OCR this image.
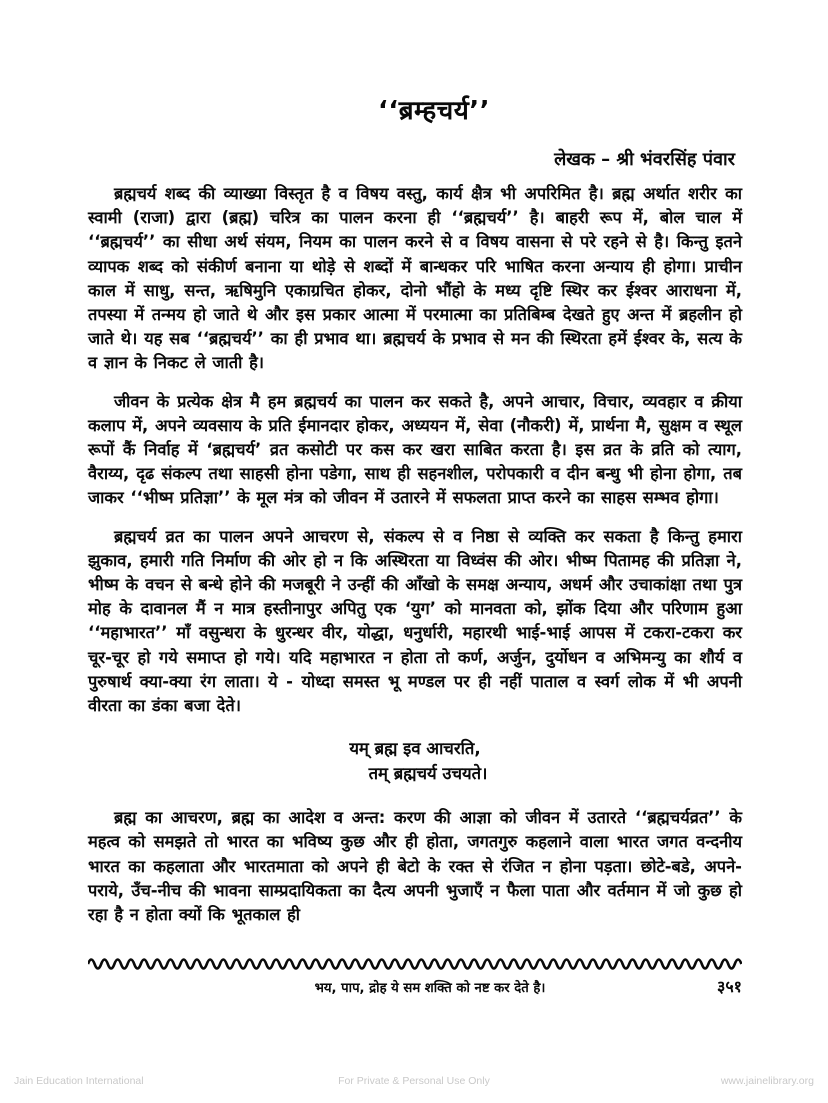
‘‘ब्रम्हचर्य’’
लेखक – श्री भंवरसिंह पंवार

ब्रह्मचर्य शब्द की व्याख्या विस्तृत है व विषय वस्तु, कार्य क्षैत्र भी अपरिमित है। ब्रह्म अर्थात शरीर का स्वामी (राजा) द्वारा (ब्रह्म) चरित्र का पालन करना ही ‘‘ब्रह्मचर्य’’ है। बाहरी रूप में, बोल चाल में ‘‘ब्रह्मचर्य’’ का सीधा अर्थ संयम, नियम का पालन करने से व विषय वासना से परे रहने से है। किन्तु इतने व्यापक शब्द को संकीर्ण बनाना या थोड़े से शब्दों में बान्धकर परि भाषित करना अन्याय ही होगा। प्राचीन काल में साधु, सन्त, ऋषिमुनि एकाग्रचित होकर, दोनो भौंहो के मध्य दृष्टि स्थिर कर ईश्वर आराधना में, तपस्या में तन्मय हो जाते थे और इस प्रकार आत्मा में परमात्मा का प्रतिबिम्ब देखते हुए अन्त में ब्रहलीन हो जाते थे। यह सब ‘‘ब्रह्मचर्य’’ का ही प्रभाव था। ब्रह्मचर्य के प्रभाव से मन की स्थिरता हमें ईश्वर के, सत्य के व ज्ञान के निकट ले जाती है।

जीवन के प्रत्येक क्षेत्र मै हम ब्रह्मचर्य का पालन कर सकते है, अपने आचार, विचार, व्यवहार व क्रीया कलाप में, अपने व्यवसाय के प्रति ईमानदार होकर, अध्ययन में, सेवा (नौकरी) में, प्रार्थना मै, सुक्षम व स्थूल रूपों कैं निर्वाह में ‘ब्रह्मचर्य’ व्रत कसोटी पर कस कर खरा साबित करता है। इस व्रत के व्रति को त्याग, वैराय्य, दृढ संकल्प तथा साहसी होना पडेगा, साथ ही सहनशील, परोपकारी व दीन बन्धु भी होना होगा, तब जाकर ‘‘भीष्म प्रतिज्ञा’’ के मूल मंत्र को जीवन में उतारने में सफलता प्राप्त करने का साहस सम्भव होगा।

ब्रह्मचर्य व्रत का पालन अपने आचरण से, संकल्प से व निष्ठा से व्यक्ति कर सकता है किन्तु हमारा झुकाव, हमारी गति निर्माण की ओर हो न कि अस्थिरता या विध्वंस की ओर। भीष्म पितामह की प्रतिज्ञा ने, भीष्म के वचन से बन्धे होने की मजबूरी ने उन्हीं की आँखो के समक्ष अन्याय, अधर्म और उचाकांक्षा तथा पुत्र मोह के दावानल मैं न मात्र हस्तीनापुर अपितु एक ‘युग’ को मानवता को, झोंक दिया और परिणाम हुआ ‘‘महाभारत’’ माँ वसुन्धरा के धुरन्धर वीर, योद्धा, धनुर्धारी, महारथी भाई-भाई आपस में टकरा-टकरा कर चूर-चूर हो गये समाप्त हो गये। यदि महाभारत न होता तो कर्ण, अर्जुन, दुर्योधन व अभिमन्यु का शौर्य व पुरुषार्थ क्या-क्या रंग लाता। ये - योध्दा समस्त भू मण्डल पर ही नहीं पाताल व स्वर्ग लोक में भी अपनी वीरता का डंका बजा देते।

यम् ब्रह्म इव आचरति,
तम् ब्रह्मचर्य उचयते।

ब्रह्म का आचरण, ब्रह्म का आदेश व अन्त: करण की आज्ञा को जीवन में उतारते ‘‘ब्रह्मचर्यव्रत’’ के महत्व को समझते तो भारत का भविष्य कुछ और ही होता, जगतगुरु कहलाने वाला भारत जगत वन्दनीय भारत का कहलाता और भारतमाता को अपने ही बेटो के रक्त से रंजित न होना पड़ता। छोटे-बडे, अपने-पराये, उँच-नीच की भावना साम्प्रदायिकता का दैत्य अपनी भुजाएँ न फैला पाता और वर्तमान में जो कुछ हो रहा है न होता क्यों कि भूतकाल ही

भय, पाप, द्रोह ये सम शक्ति को नष्ट कर देते है।	३५१
Jain Education International	For Private & Personal Use Only	www.jainelibrary.org
